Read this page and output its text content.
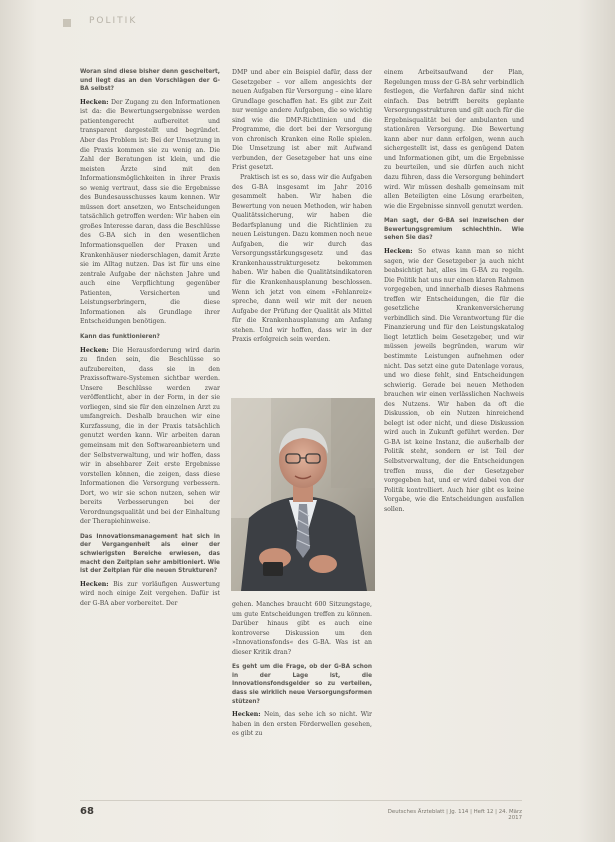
POLITIK

Woran sind diese bisher denn gescheitert, und liegt das an den Vorschlägen der G-BA selbst?

Hecken: Der Zugang zu den Informationen ist da: die Bewertungsergebnisse werden patientengerecht aufbereitet und transparent dargestellt und begründet. Aber das Problem ist: Bei der Umsetzung in die Praxis kommen sie zu wenig an. Die Zahl der Beratungen ist klein, und die meisten Ärzte sind mit den Informationsmöglichkeiten in ihrer Praxis so wenig vertraut, dass sie die Ergebnisse des Bundesausschusses kaum kennen. Wir müssen dort ansetzen, wo Entscheidungen tatsächlich getroffen werden: Wir haben ein großes Interesse daran, dass die Beschlüsse des G-BA sich in den wesentlichen Informationsquellen der Praxen und Krankenhäuser niederschlagen, damit Ärzte sie im Alltag nutzen. Das ist für uns eine zentrale Aufgabe der nächsten Jahre und auch eine Verpflichtung gegenüber Patienten, Versicherten und Leistungserbringern, die diese Informationen als Grundlage ihrer Entscheidungen benötigen.

Kann das funktionieren?

Hecken: Die Herausforderung wird darin zu finden sein, die Beschlüsse so aufzubereiten, dass sie in den Praxissoftware-Systemen sichtbar werden. Unsere Beschlüsse werden zwar veröffentlicht, aber in der Form, in der sie vorliegen, sind sie für den einzelnen Arzt zu umfangreich. Deshalb brauchen wir eine Kurzfassung, die in der Praxis tatsächlich genutzt werden kann. Wir arbeiten daran gemeinsam mit den Softwareanbietern und der Selbstverwaltung, und wir hoffen, dass wir in absehbarer Zeit erste Ergebnisse vorstellen können, die zeigen, dass diese Informationen die Versorgung verbessern. Dort, wo wir sie schon nutzen, sehen wir bereits Verbesserungen bei der Verordnungsqualität und bei der Einhaltung der Therapiehinweise.

Das Innovationsmanagement hat sich in der Vergangenheit als einer der schwierigsten Bereiche erwiesen, das macht den Zeitplan sehr ambitioniert. Wie ist der Zeitplan für die neuen Strukturen?

Hecken: Bis zur vorläufigen Auswertung wird noch einige Zeit vergehen. Dafür ist der G-BA aber vorbereitet. Der

DMP und aber ein Beispiel dafür, dass der Gesetzgeber – vor allem angesichts der neuen Aufgaben für Versorgung – eine klare Grundlage geschaffen hat. Es gibt zur Zeit nur wenige andere Aufgaben, die so wichtig sind wie die DMP-Richtlinien und die Programme, die dort bei der Versorgung von chronisch Kranken eine Rolle spielen. Die Umsetzung ist aber mit Aufwand verbunden, der Gesetzgeber hat uns eine Frist gesetzt.

Praktisch ist es so, dass wir die Aufgaben des G-BA insgesamt im Jahr 2016 gesammelt haben. Wir haben die Bewertung von neuen Methoden, wir haben Qualitätssicherung, wir haben die Bedarfsplanung und die Richtlinien zu neuen Leistungen. Dazu kommen noch neue Aufgaben, die wir durch das Versorgungsstärkungsgesetz und das Krankenhausstrukturgesetz bekommen haben. Wir haben die Qualitätsindikatoren für die Krankenhausplanung beschlossen. Wenn ich jetzt von einem »Fehlanreiz« spreche, dann weil wir mit der neuen Aufgabe der Prüfung der Qualität als Mittel für die Krankenhausplanung am Anfang stehen. Und wir hoffen, dass wir in der Praxis erfolgreich sein werden.

gehen. Manches braucht 600 Sitzungstage, um gute Entscheidungen treffen zu können. Darüber hinaus gibt es auch eine kontroverse Diskussion um den »Innovationsfonds« des G-BA. Was ist an dieser Kritik dran?

Es geht um die Frage, ob der G-BA schon in der Lage ist, die Innovationsfondsgelder so zu verteilen, dass sie wirklich neue Versorgungsformen stützen?

Hecken: Nein, das sehe ich so nicht. Wir haben in den ersten Förderwellen gesehen, es gibt zu

einem Arbeitsaufwand der Plan, Regelungen muss der G-BA sehr verbindlich festlegen, die Verfahren dafür sind nicht einfach. Das betrifft bereits geplante Versorgungsstrukturen und gilt auch für die Ergebnisqualität bei der ambulanten und stationären Versorgung. Die Bewertung kann aber nur dann erfolgen, wenn auch sichergestellt ist, dass es genügend Daten und Informationen gibt, um die Ergebnisse zu beurteilen, und sie dürfen auch nicht dazu führen, dass die Versorgung behindert wird. Wir müssen deshalb gemeinsam mit allen Beteiligten eine Lösung erarbeiten, wie die Ergebnisse sinnvoll genutzt werden.

Man sagt, der G-BA sei inzwischen der Bewertungsgremium schlechthin. Wie sehen Sie das?

Hecken: So etwas kann man so nicht sagen, wie der Gesetzgeber ja auch nicht beabsichtigt hat, alles im G-BA zu regeln. Die Politik hat uns nur einen klaren Rahmen vorgegeben, und innerhalb dieses Rahmens treffen wir Entscheidungen, die für die gesetzliche Krankenversicherung verbindlich sind. Die Verantwortung für die Finanzierung und für den Leistungskatalog liegt letztlich beim Gesetzgeber, und wir müssen jeweils begründen, warum wir bestimmte Leistungen aufnehmen oder nicht. Das setzt eine gute Datenlage voraus, und wo diese fehlt, sind Entscheidungen schwierig. Gerade bei neuen Methoden brauchen wir einen verlässlichen Nachweis des Nutzens. Wir haben da oft die Diskussion, ob ein Nutzen hinreichend belegt ist oder nicht, und diese Diskussion wird auch in Zukunft geführt werden. Der G-BA ist keine Instanz, die außerhalb der Politik steht, sondern er ist Teil der Selbstverwaltung, der die Entscheidungen treffen muss, die der Gesetzgeber vorgegeben hat, und er wird dabei von der Politik kontrolliert. Auch hier gibt es keine Vorgabe, wie die Entscheidungen ausfallen sollen.

68	Deutsches Ärzteblatt | Jg. 114 | Heft 12 | 24. März 2017
